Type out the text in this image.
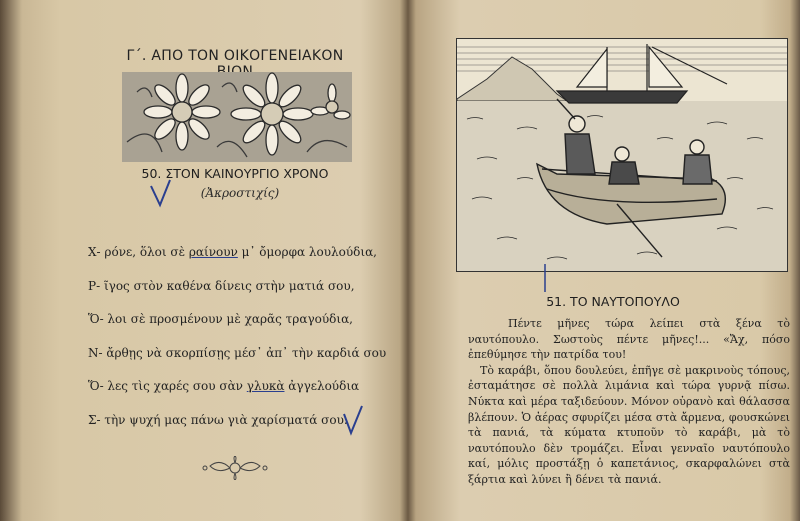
Γ΄. ΑΠΟ ΤΟΝ ΟΙΚΟΓΕΝΕΙΑΚΟΝ
50. ΣΤΟΝ ΚΑΙΝΟΥΡΓΙΟ ΧΡΟΝΟ
(Ἀκροστιχίς)
Χ- ρόνε, ὅλοι σὲ ραίνουν μ᾽ ὄμορφα λουλούδια,
Ρ- ῖγος στὸν καθένα δίνεις στὴν ματιά σου,
Ὅ- λοι σὲ προσμένουν μὲ χαρᾶς τραγούδια,
Ν- ἄρθῃς νὰ σκορπίσῃς μέσ᾽ ἀπ᾽ τὴν καρδιά σου
Ὅ- λες τὶς χαρές σου σὰν γλυκὰ ἀγγελούδια
Σ- τὴν ψυχή μας πάνω γιὰ χαρίσματά σου.
51. ΤΟ ΝΑΥΤΟΠΟΥΛΟ

Πέντε μῆνες τώρα λείπει στὰ ξένα τὸ ναυτόπουλο. Σωστοὺς πέντε μῆνες!... «Ἄχ, πόσο ἐπεθύμησε τὴν πατρίδα του!

Τὸ καράβι, ὅπου δουλεύει, ἐπῆγε σὲ μακρινοὺς τόπους, ἐσταμάτησε σὲ πολλὰ λιμάνια καὶ τώρα γυρνᾷ πίσω. Νύκτα καὶ μέρα ταξιδεύουν. Μόνον οὐρανὸ καὶ θάλασσα βλέπουν. Ὁ ἀέρας σφυρίζει μέσα στὰ ἄρμενα, φουσκώνει τὰ πανιά, τὰ κύματα κτυποῦν τὸ καράβι, μὰ τὸ ναυτόπουλο δὲν τρομάζει. Εἶναι γενναῖο ναυτόπουλο καί, μόλις προστάξῃ ὁ καπετάνιος, σκαρφαλώνει στὰ ξάρτια καὶ λύνει ἢ δένει τὰ πανιά.
